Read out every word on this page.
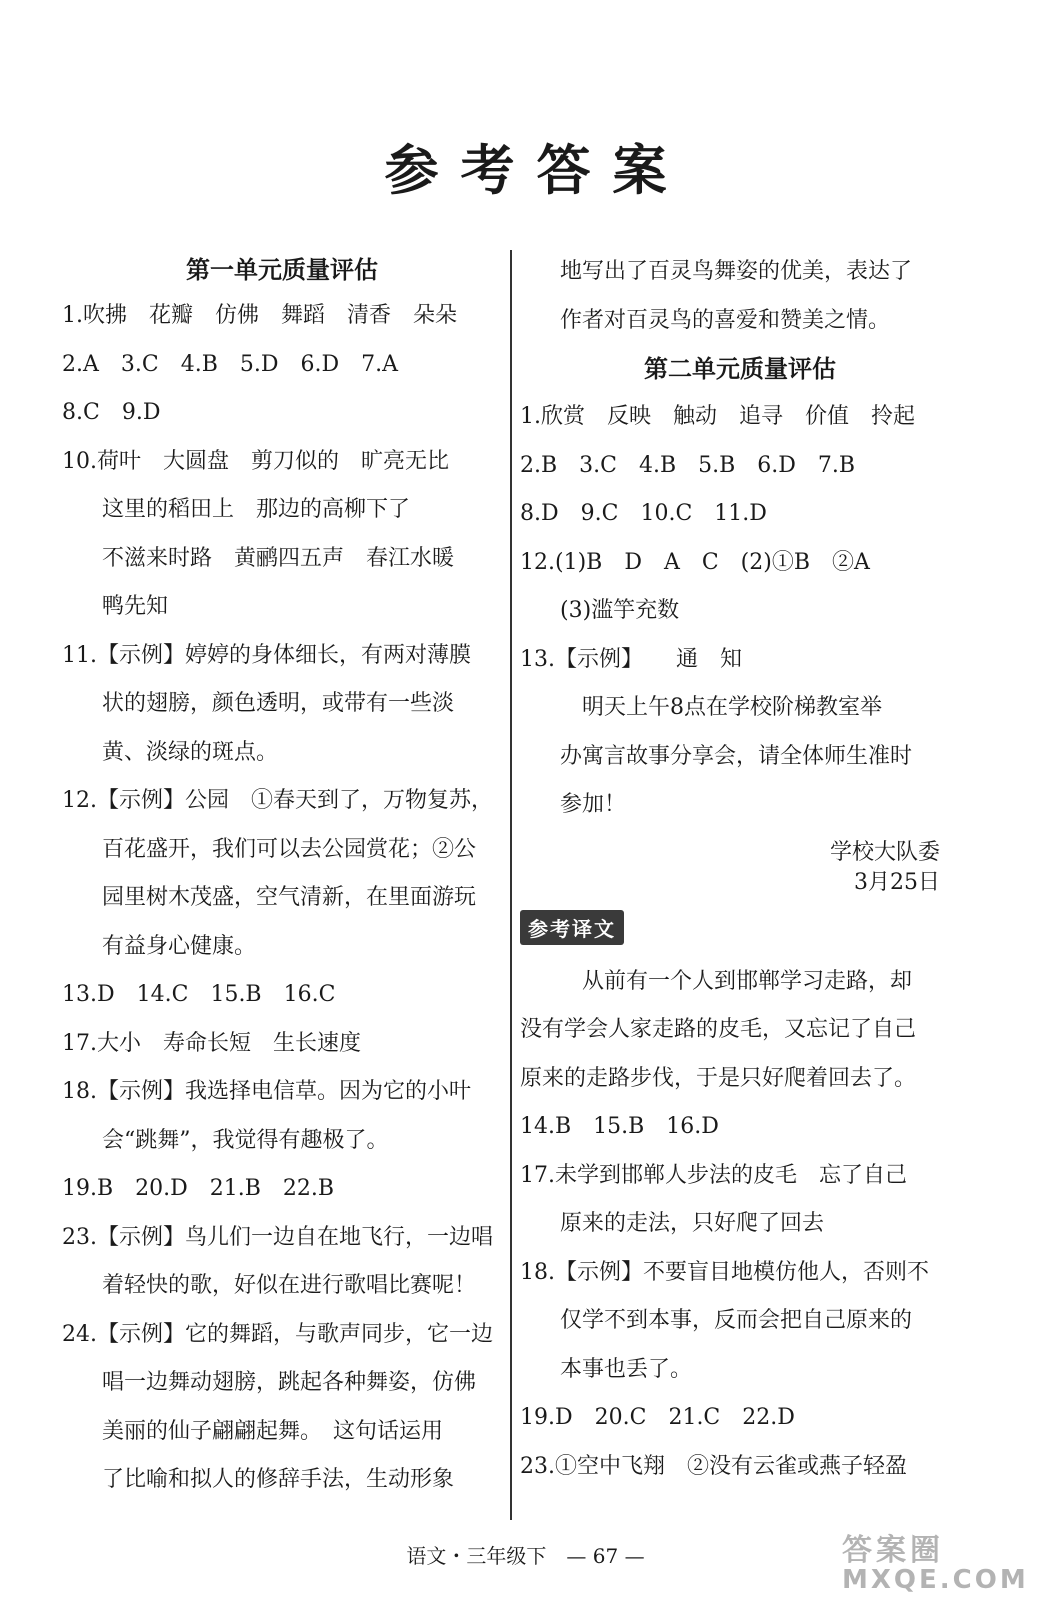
参考答案
第一单元质量评估
1.吹拂　花瓣　仿佛　舞蹈　清香　朵朵
2.A　3.C　4.B　5.D　6.D　7.A
8.C　9.D
10.荷叶　大圆盘　剪刀似的　旷亮无比
这里的稻田上　那边的高柳下了
不滋来时路　黄鹂四五声　春江水暖
鸭先知
11.【示例】婷婷的身体细长，有两对薄膜
状的翅膀，颜色透明，或带有一些淡
黄、淡绿的斑点。
12.【示例】公园　①春天到了，万物复苏，
百花盛开，我们可以去公园赏花；②公
园里树木茂盛，空气清新，在里面游玩
有益身心健康。
13.D　14.C　15.B　16.C
17.大小　寿命长短　生长速度
18.【示例】我选择电信草。因为它的小叶
会“跳舞”，我觉得有趣极了。
19.B　20.D　21.B　22.B
23.【示例】鸟儿们一边自在地飞行，一边唱
着轻快的歌，好似在进行歌唱比赛呢！
24.【示例】它的舞蹈，与歌声同步，它一边
唱一边舞动翅膀，跳起各种舞姿，仿佛
美丽的仙子翩翩起舞。　这句话运用
了比喻和拟人的修辞手法，生动形象
地写出了百灵鸟舞姿的优美，表达了
作者对百灵鸟的喜爱和赞美之情。
第二单元质量评估
1.欣赏　反映　触动　追寻　价值　拎起
2.B　3.C　4.B　5.B　6.D　7.B
8.D　9.C　10.C　11.D
12.(1)B　D　A　C　(2)①B　②A
(3)滥竽充数
13.【示例】　　通　知
　明天上午8点在学校阶梯教室举
办寓言故事分享会，请全体师生准时
参加！
学校大队委
3月25日
参考译文
　从前有一个人到邯郸学习走路，却
没有学会人家走路的皮毛，又忘记了自己
原来的走路步伐，于是只好爬着回去了。
14.B　15.B　16.D
17.未学到邯郸人步法的皮毛　忘了自己
原来的走法，只好爬了回去
18.【示例】不要盲目地模仿他人，否则不
仅学不到本事，反而会把自己原来的
本事也丢了。
19.D　20.C　21.C　22.D
23.①空中飞翔　②没有云雀或燕子轻盈
语文・三年级下　— 67 —	答案圈
MXQE.COM
